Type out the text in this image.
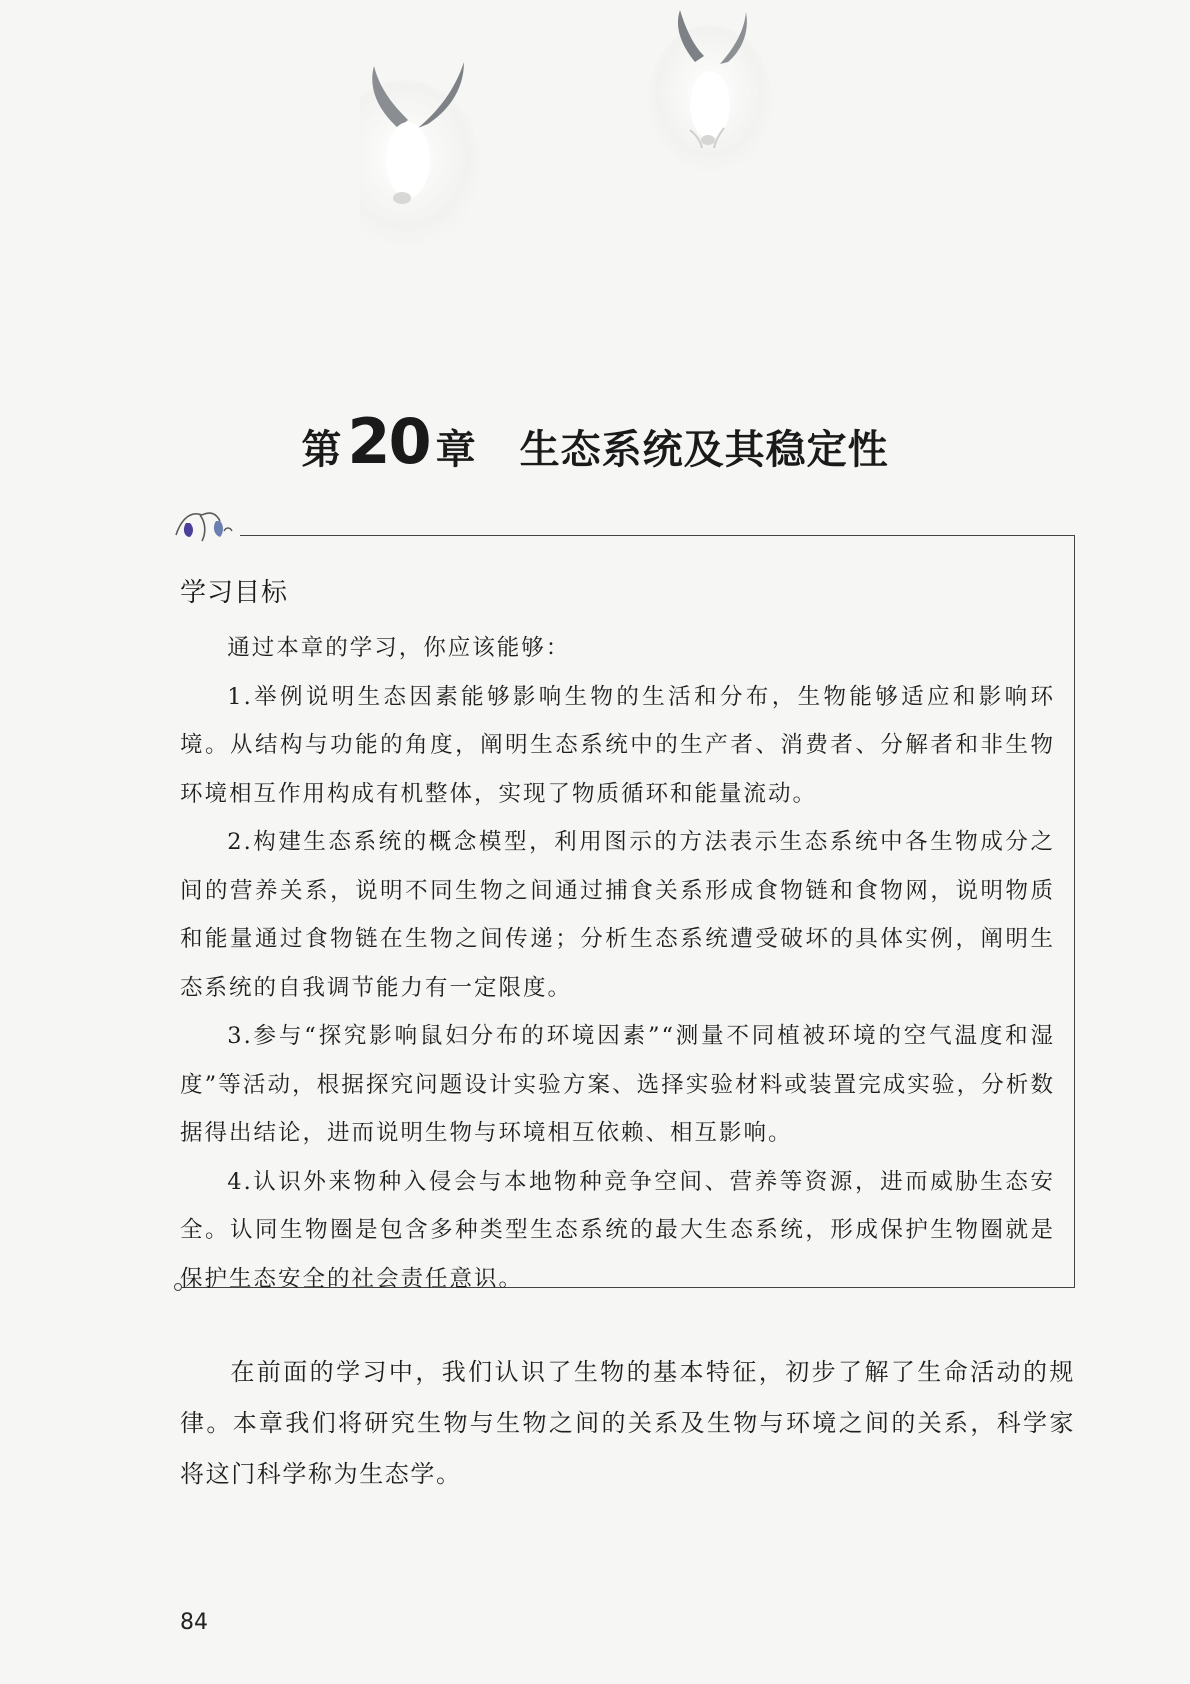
第20 章 生态系统及其稳定性
学习目标

通过本章的学习，你应该能够：

1.举例说明生态因素能够影响生物的生活和分布，生物能够适应和影响环境。从结构与功能的角度，阐明生态系统中的生产者、消费者、分解者和非生物环境相互作用构成有机整体，实现了物质循环和能量流动。

2.构建生态系统的概念模型，利用图示的方法表示生态系统中各生物成分之间的营养关系，说明不同生物之间通过捕食关系形成食物链和食物网，说明物质和能量通过食物链在生物之间传递；分析生态系统遭受破坏的具体实例，阐明生态系统的自我调节能力有一定限度。

3.参与“探究影响鼠妇分布的环境因素”“测量不同植被环境的空气温度和湿度”等活动，根据探究问题设计实验方案、选择实验材料或装置完成实验，分析数据得出结论，进而说明生物与环境相互依赖、相互影响。

4.认识外来物种入侵会与本地物种竞争空间、营养等资源，进而威胁生态安全。认同生物圈是包含多种类型生态系统的最大生态系统，形成保护生物圈就是保护生态安全的社会责任意识。

在前面的学习中，我们认识了生物的基本特征，初步了解了生命活动的规律。本章我们将研究生物与生物之间的关系及生物与环境之间的关系，科学家将这门科学称为生态学。

84
